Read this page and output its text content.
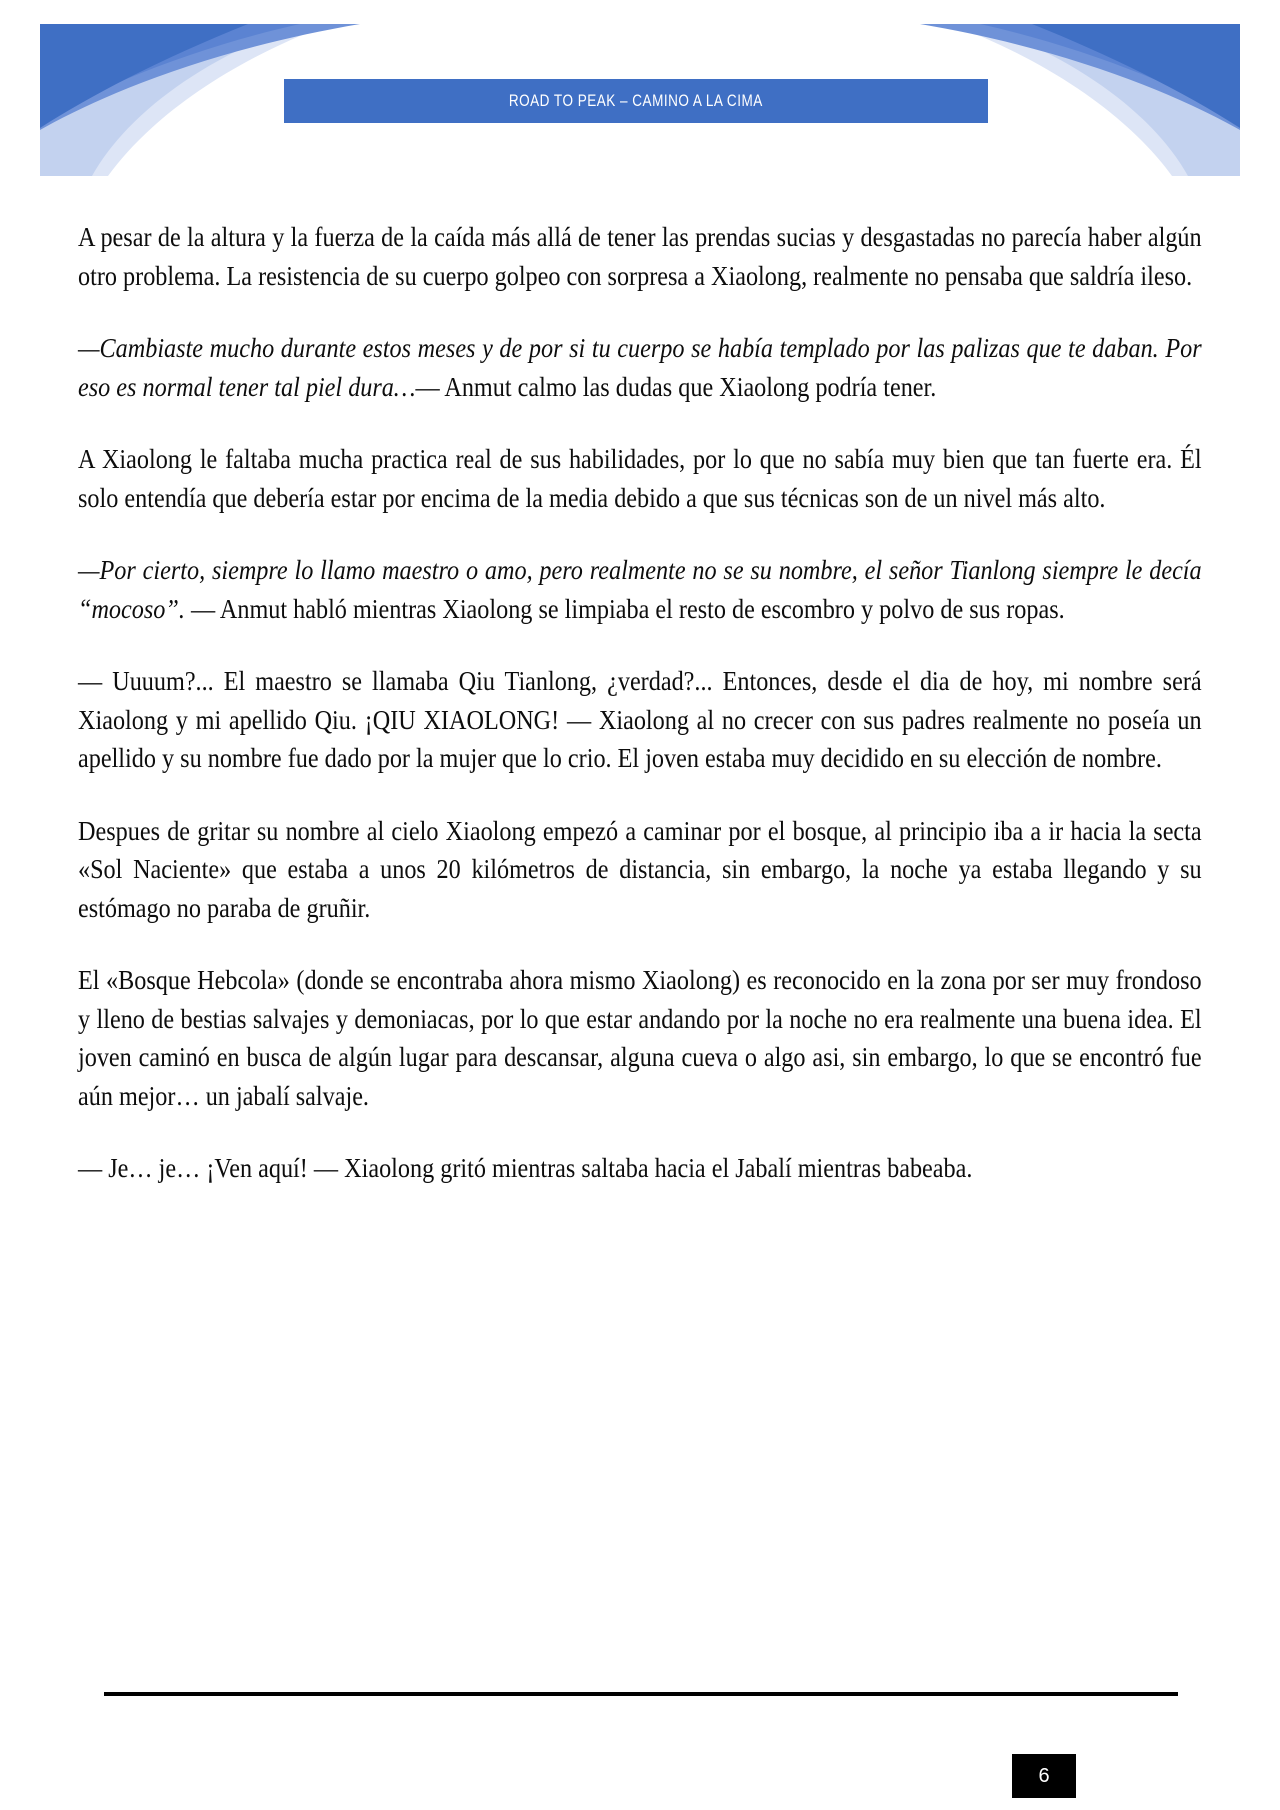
ROAD TO PEAK – CAMINO A LA CIMA

A pesar de la altura y la fuerza de la caída más allá de tener las prendas sucias y desgastadas no parecía haber algún otro problema. La resistencia de su cuerpo golpeo con sorpresa a Xiaolong, realmente no pensaba que saldría ileso.

—Cambiaste mucho durante estos meses y de por si tu cuerpo se había templado por las palizas que te daban. Por eso es normal tener tal piel dura…— Anmut calmo las dudas que Xiaolong podría tener.

A Xiaolong le faltaba mucha practica real de sus habilidades, por lo que no sabía muy bien que tan fuerte era. Él solo entendía que debería estar por encima de la media debido a que sus técnicas son de un nivel más alto.

—Por cierto, siempre lo llamo maestro o amo, pero realmente no se su nombre, el señor Tianlong siempre le decía “mocoso”. — Anmut habló mientras Xiaolong se limpiaba el resto de escombro y polvo de sus ropas.

— Uuuum?... El maestro se llamaba Qiu Tianlong, ¿verdad?... Entonces, desde el dia de hoy, mi nombre será Xiaolong y mi apellido Qiu. ¡QIU XIAOLONG! — Xiaolong al no crecer con sus padres realmente no poseía un apellido y su nombre fue dado por la mujer que lo crio. El joven estaba muy decidido en su elección de nombre.

Despues de gritar su nombre al cielo Xiaolong empezó a caminar por el bosque, al principio iba a ir hacia la secta «Sol Naciente» que estaba a unos 20 kilómetros de distancia, sin embargo, la noche ya estaba llegando y su estómago no paraba de gruñir.

El «Bosque Hebcola» (donde se encontraba ahora mismo Xiaolong) es reconocido en la zona por ser muy frondoso y lleno de bestias salvajes y demoniacas, por lo que estar andando por la noche no era realmente una buena idea. El joven caminó en busca de algún lugar para descansar, alguna cueva o algo asi, sin embargo, lo que se encontró fue aún mejor… un jabalí salvaje.

— Je… je… ¡Ven aquí! — Xiaolong gritó mientras saltaba hacia el Jabalí mientras babeaba.

6
